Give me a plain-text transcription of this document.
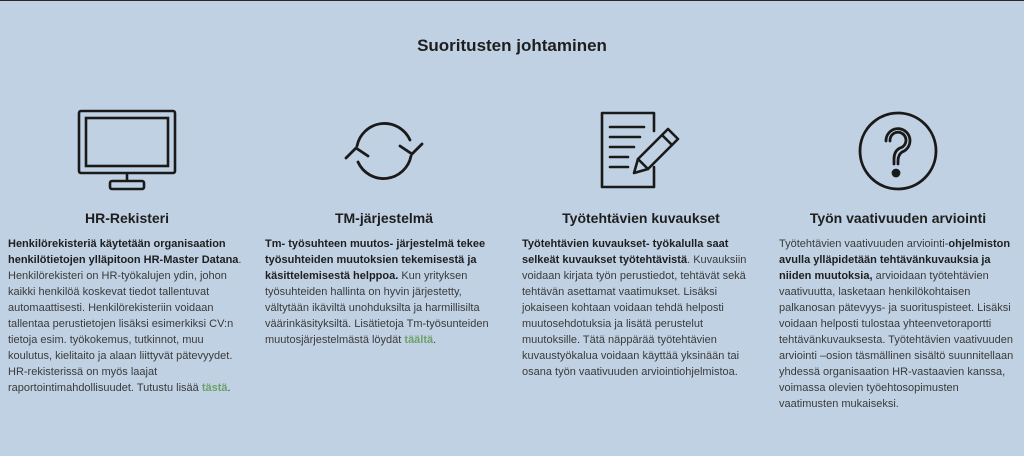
Suoritusten johtaminen
HR-Rekisteri
Henkilörekisteriä käytetään organisaation henkilötietojen ylläpitoon HR-Master Datana. Henkilörekisteri on HR-työkalujen ydin, johon kaikki henkilöä koskevat tiedot tallentuvat automaattisesti. Henkilörekisteriin voidaan tallentaa perustietojen lisäksi esimerkiksi CV:n tietoja esim. työkokemus, tutkinnot, muu koulutus, kielitaito ja alaan liittyvät pätevyydet. HR-rekisterissä on myös laajat raportointimahdollisuudet. Tutustu lisää tästä.
TM-järjestelmä
Tm- työsuhteen muutos- järjestelmä tekee työsuhteiden muutoksien tekemisestä ja käsittelemisestä helppoa. Kun yrityksen työsuhteiden hallinta on hyvin järjestetty, vältytään ikäviltä unohduksilta ja harmillisilta väärinkäsityksiltä. Lisätietoja Tm-työsunteiden muutosjärjestelmästä löydät täältä.
Työtehtävien kuvaukset
Työtehtävien kuvaukset- työkalulla saat selkeät kuvaukset työtehtävistä. Kuvauksiin voidaan kirjata työn perustiedot, tehtävät sekä tehtävän asettamat vaatimukset. Lisäksi jokaiseen kohtaan voidaan tehdä helposti muutosehdotuksia ja lisätä perustelut muutoksille. Tätä näppärää työtehtävien kuvaustyökalua voidaan käyttää yksinään tai osana työn vaativuuden arviointiohjelmistoa.
Työn vaativuuden arviointi
Työtehtävien vaativuuden arviointi-ohjelmiston avulla ylläpidetään tehtävänkuvauksia ja niiden muutoksia, arvioidaan työtehtävien vaativuutta, lasketaan henkilökohtaisen palkanosan pätevyys- ja suorituspisteet. Lisäksi voidaan helposti tulostaa yhteenvetoraportti tehtävänkuvauksesta. Työtehtävien vaativuuden arviointi –osion täsmällinen sisältö suunnitellaan yhdessä organisaation HR-vastaavien kanssa, voimassa olevien työehtosopimusten vaatimusten mukaiseksi.
